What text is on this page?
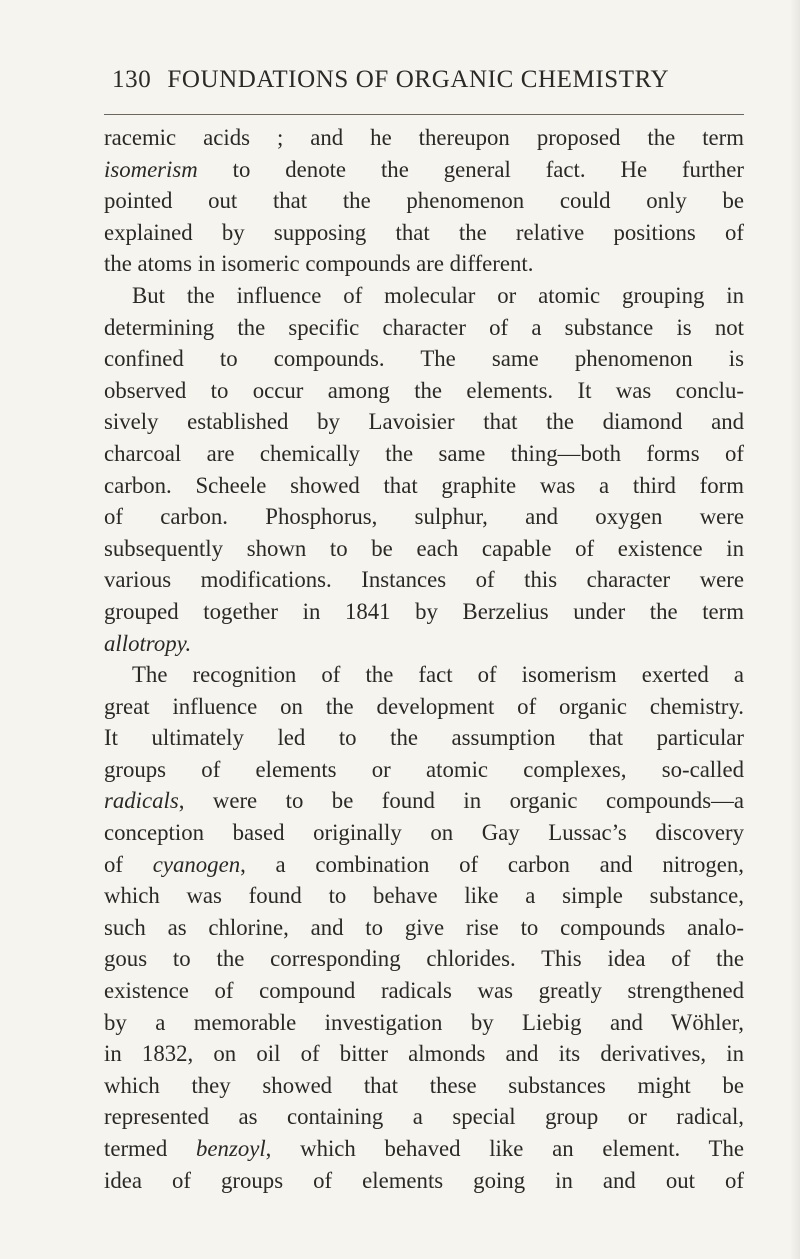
130 FOUNDATIONS OF ORGANIC CHEMISTRY
racemic acids ; and he thereupon proposed the term
isomerism to denote the general fact. He further
pointed out that the phenomenon could only be
explained by supposing that the relative positions of
the atoms in isomeric compounds are different.
But the influence of molecular or atomic grouping in
determining the specific character of a substance is not
confined to compounds. The same phenomenon is
observed to occur among the elements. It was conclu-
sively established by Lavoisier that the diamond and
charcoal are chemically the same thing—both forms of
carbon. Scheele showed that graphite was a third form
of carbon. Phosphorus, sulphur, and oxygen were
subsequently shown to be each capable of existence in
various modifications. Instances of this character were
grouped together in 1841 by Berzelius under the term
allotropy.
The recognition of the fact of isomerism exerted a
great influence on the development of organic chemistry.
It ultimately led to the assumption that particular
groups of elements or atomic complexes, so-called
radicals, were to be found in organic compounds—a
conception based originally on Gay Lussac’s discovery
of cyanogen, a combination of carbon and nitrogen,
which was found to behave like a simple substance,
such as chlorine, and to give rise to compounds analo-
gous to the corresponding chlorides. This idea of the
existence of compound radicals was greatly strengthened
by a memorable investigation by Liebig and Wöhler,
in 1832, on oil of bitter almonds and its derivatives, in
which they showed that these substances might be
represented as containing a special group or radical,
termed benzoyl, which behaved like an element. The
idea of groups of elements going in and out of
